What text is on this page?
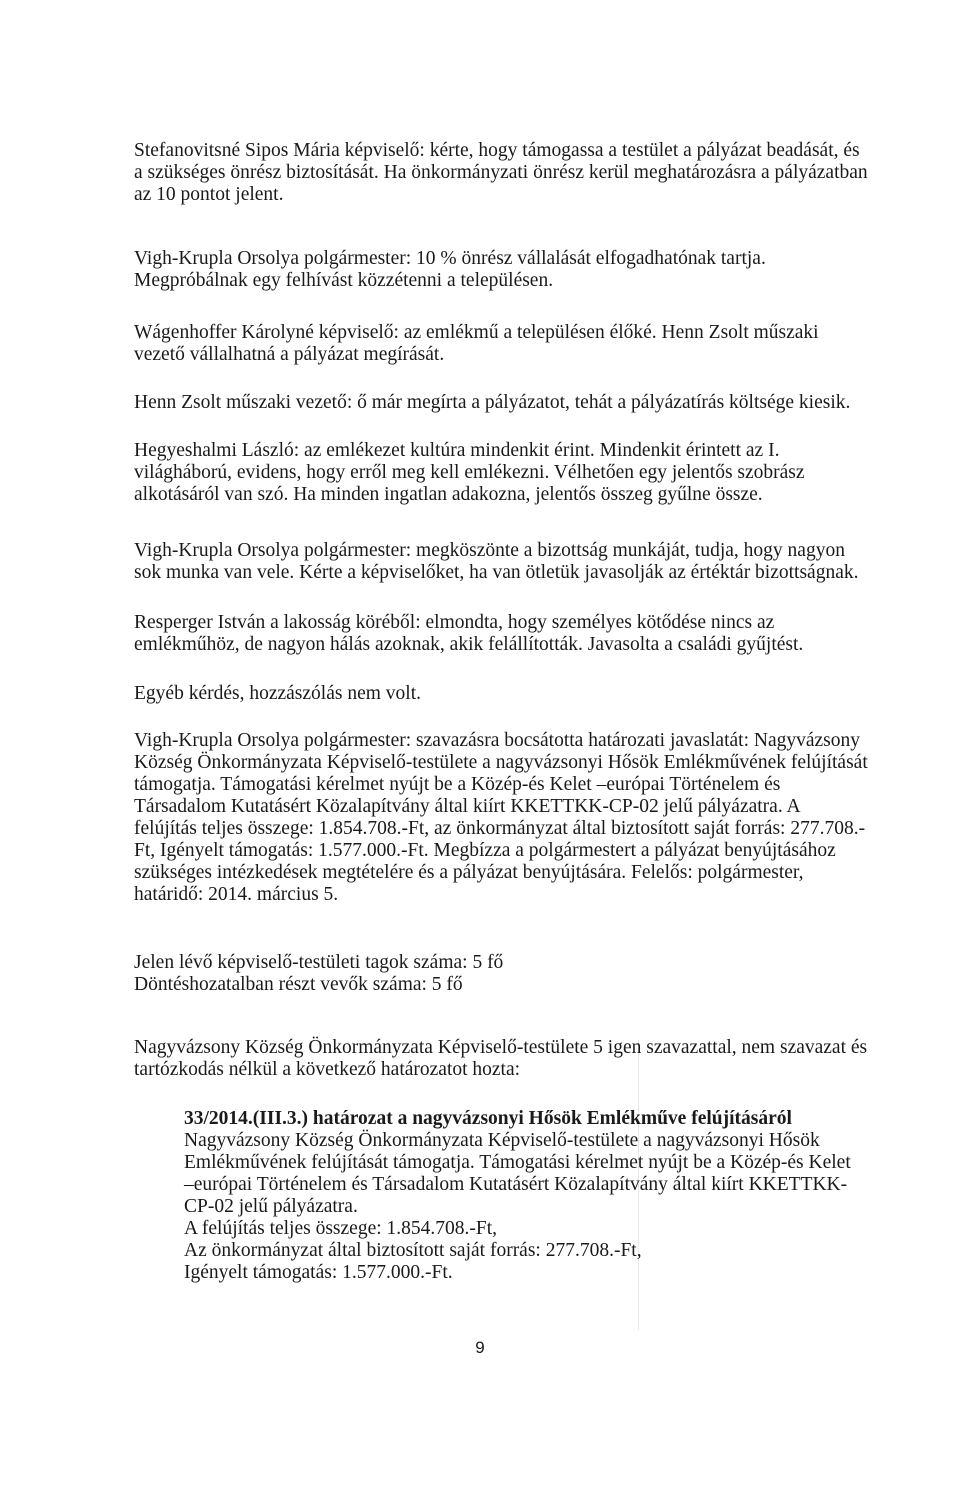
Stefanovitsné Sipos Mária képviselő: kérte, hogy támogassa a testület a pályázat beadását, és
a szükséges önrész biztosítását. Ha önkormányzati önrész kerül meghatározásra a pályázatban
az 10 pontot jelent.
Vigh-Krupla Orsolya polgármester: 10 % önrész vállalását elfogadhatónak tartja.
Megpróbálnak egy felhívást közzétenni a településen.
Wágenhoffer Károlyné képviselő: az emlékmű a településen élőké. Henn Zsolt műszaki
vezető vállalhatná a pályázat megírását.
Henn Zsolt műszaki vezető: ő már megírta a pályázatot, tehát a pályázatírás költsége kiesik.
Hegyeshalmi László: az emlékezet kultúra mindenkit érint. Mindenkit érintett az I.
világháború, evidens, hogy erről meg kell emlékezni. Vélhetően egy jelentős szobrász
alkotásáról van szó. Ha minden ingatlan adakozna, jelentős összeg gyűlne össze.
Vigh-Krupla Orsolya polgármester: megköszönte a bizottság munkáját, tudja, hogy nagyon
sok munka van vele. Kérte a képviselőket, ha van ötletük javasolják az értéktár bizottságnak.
Resperger István a lakosság köréből: elmondta, hogy személyes kötődése nincs az
emlékműhöz, de nagyon hálás azoknak, akik felállították. Javasolta a családi gyűjtést.
Egyéb kérdés, hozzászólás nem volt.
Vigh-Krupla Orsolya polgármester: szavazásra bocsátotta határozati javaslatát: Nagyvázsony
Község Önkormányzata Képviselő-testülete a nagyvázsonyi Hősök Emlékművének felújítását
támogatja. Támogatási kérelmet nyújt be a Közép-és Kelet –európai Történelem és
Társadalom Kutatásért Közalapítvány által kiírt KKETTKK-CP-02 jelű pályázatra. A
felújítás teljes összege: 1.854.708.-Ft, az önkormányzat által biztosított saját forrás: 277.708.-
Ft, Igényelt támogatás: 1.577.000.-Ft. Megbízza a polgármestert a pályázat benyújtásához
szükséges intézkedések megtételére és a pályázat benyújtására. Felelős: polgármester,
határidő: 2014. március 5.
Jelen lévő képviselő-testületi tagok száma: 5 fő
Döntéshozatalban részt vevők száma: 5 fő
Nagyvázsony Község Önkormányzata Képviselő-testülete 5 igen szavazattal, nem szavazat és
tartózkodás nélkül a következő határozatot hozta:
33/2014.(III.3.) határozat a nagyvázsonyi Hősök Emlékműve felújításáról
Nagyvázsony Község Önkormányzata Képviselő-testülete a nagyvázsonyi Hősök
Emlékművének felújítását támogatja. Támogatási kérelmet nyújt be a Közép-és Kelet
–európai Történelem és Társadalom Kutatásért Közalapítvány által kiírt KKETTKK-
CP-02 jelű pályázatra.
A felújítás teljes összege: 1.854.708.-Ft,
Az önkormányzat által biztosított saját forrás: 277.708.-Ft,
Igényelt támogatás: 1.577.000.-Ft.
9
